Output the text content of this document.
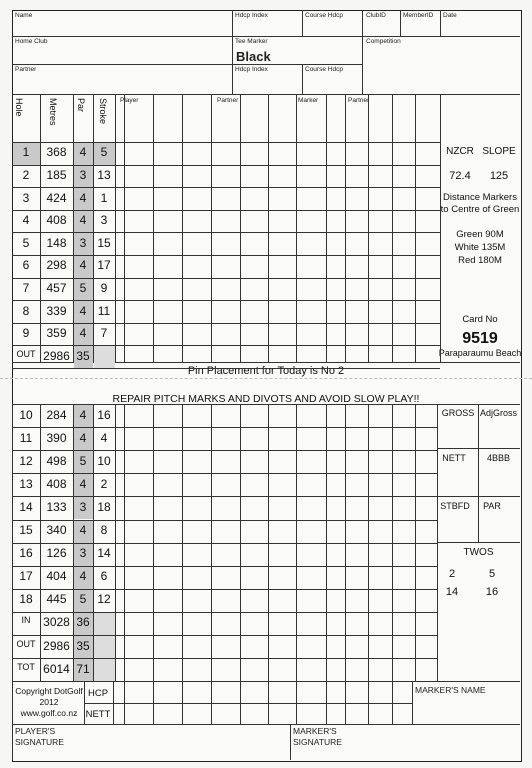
Name	Hdcp Index	Course Hdcp	ClubID	MemberID Date
Home Club	Tee Marker
Black
Competition
Partner	Hdcp Index	Course Hdcp
Hole	Metres Par Stroke Player	Partner	Marker	Partner
NZCR SLOPE
72.4	125
Distance Markers to Centre of Green
Green 90M
White 135M
Red 180M
Card No
9519
Paraparaumu Beach
Pin Placement for Today is No 2
REPAIR PITCH MARKS AND DIVOTS AND AVOID SLOW PLAY!!
GROSS AdjGross
NETT	4BBB
STBFD	PAR
TWOS
2	5
14	16
Copyright DotGolf 2012 www.golf.co.nz
HCP
NETT
MARKER'S NAME
PLAYER'S SIGNATURE
MARKER'S SIGNATURE
1	368	4	5
2	185	3 13
3	424	4	1
4	408	4	3
5	148	3 15
6	298	4 17
7	457	5	9
8	339	4 11
9	359	4	7
OUT 2986 35
10	284	4 16
11	390	4	4
12	498	5 10
13	408	4	2
14	133	3 18
15	340	4	8
16	126	3 14
17	404	4	6
18	445	5 12
IN	3028 36
OUT 2986 35
TOT 6014 71
